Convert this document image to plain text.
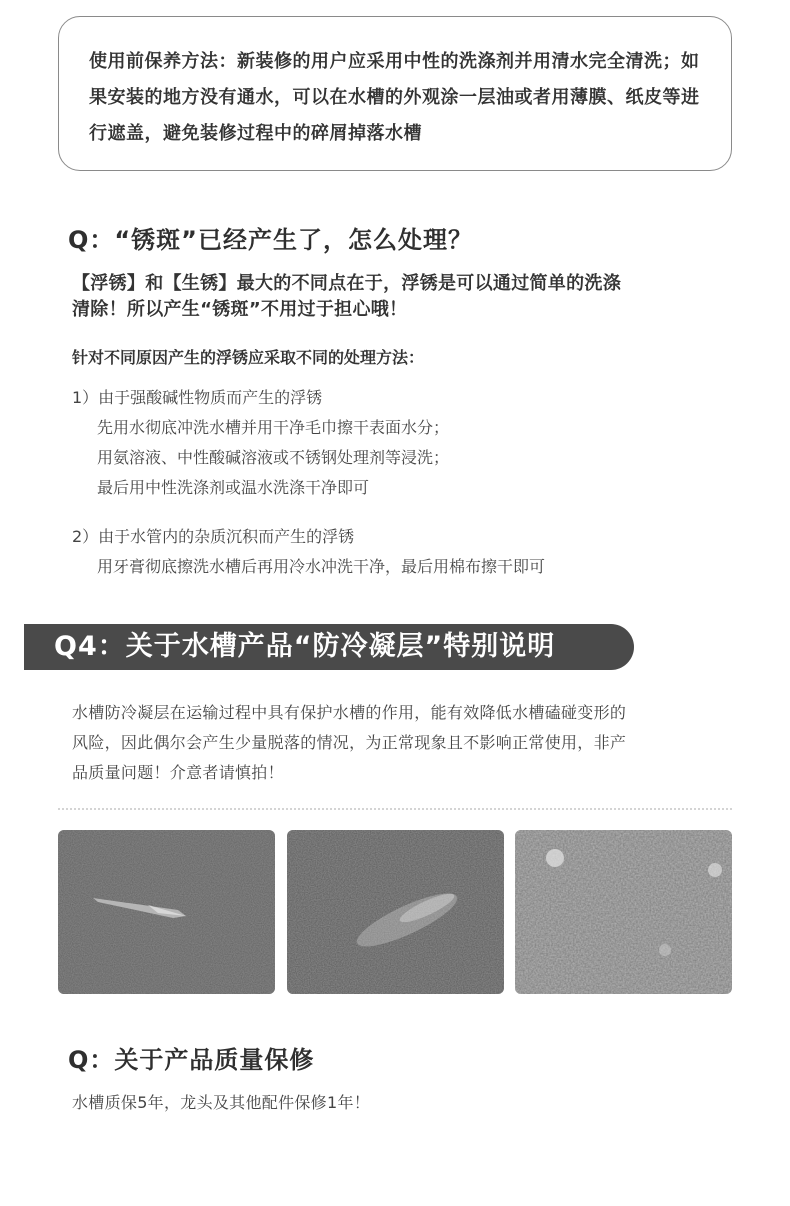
使用前保养方法：新装修的用户应采用中性的洗涤剂并用清水完全清洗；如果安装的地方没有通水，可以在水槽的外观涂一层油或者用薄膜、纸皮等进行遮盖，避免装修过程中的碎屑掉落水槽
Q：“锈斑”已经产生了，怎么处理？
【浮锈】和【生锈】最大的不同点在于，浮锈是可以通过简单的洗涤
清除！所以产生“锈斑”不用过于担心哦！
针对不同原因产生的浮锈应采取不同的处理方法：
1）由于强酸碱性物质而产生的浮锈
先用水彻底冲洗水槽并用干净毛巾擦干表面水分；
用氨溶液、中性酸碱溶液或不锈钢处理剂等浸洗；
最后用中性洗涤剂或温水洗涤干净即可
2）由于水管内的杂质沉积而产生的浮锈
用牙膏彻底擦洗水槽后再用冷水冲洗干净，最后用棉布擦干即可
Q4：关于水槽产品“防冷凝层”特别说明
水槽防冷凝层在运输过程中具有保护水槽的作用，能有效降低水槽磕碰变形的
风险，因此偶尔会产生少量脱落的情况，为正常现象且不影响正常使用，非产
品质量问题！介意者请慎拍！
Q：关于产品质量保修
水槽质保5年，龙头及其他配件保修1年！
